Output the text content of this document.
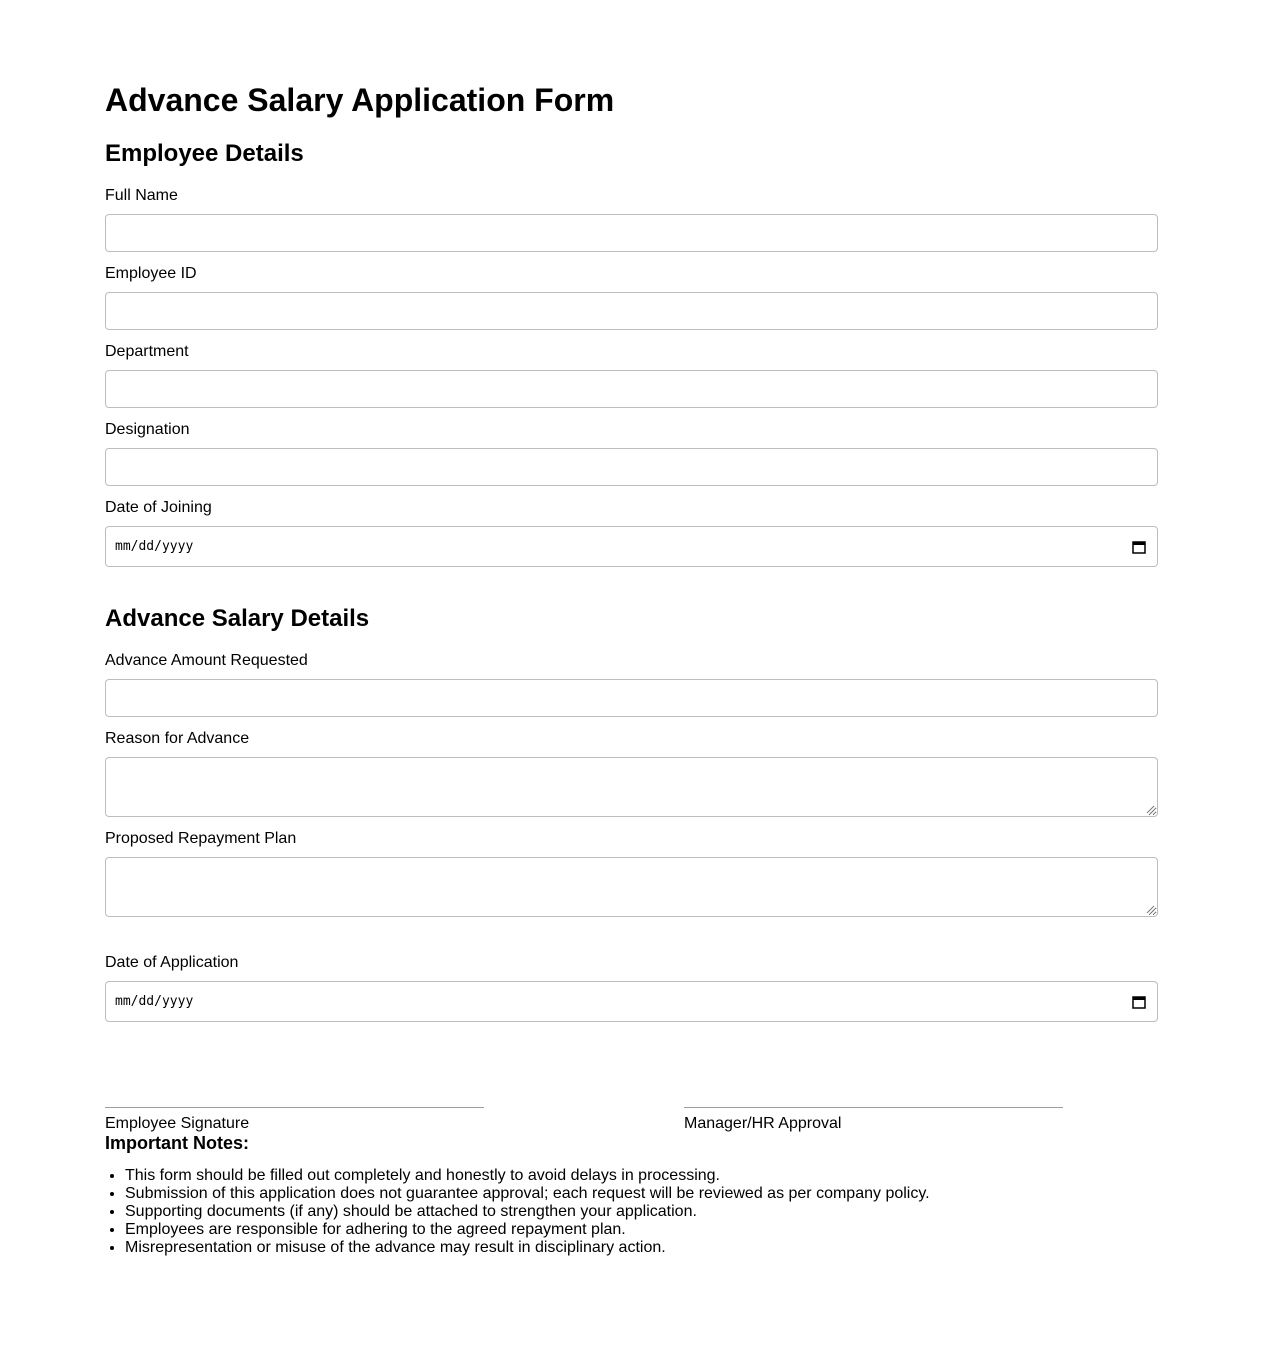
Advance Salary Application Form
Employee Details
Full Name
Employee ID
Department
Designation
Date of Joining
mm/dd/yyyy
Advance Salary Details
Advance Amount Requested
Reason for Advance
Proposed Repayment Plan
Date of Application
mm/dd/yyyy
Employee Signature	Manager/HR Approval
Important Notes:
• This form should be filled out completely and honestly to avoid delays in processing.
• Submission of this application does not guarantee approval; each request will be reviewed as per company policy.
• Supporting documents (if any) should be attached to strengthen your application.
• Employees are responsible for adhering to the agreed repayment plan.
• Misrepresentation or misuse of the advance may result in disciplinary action.
